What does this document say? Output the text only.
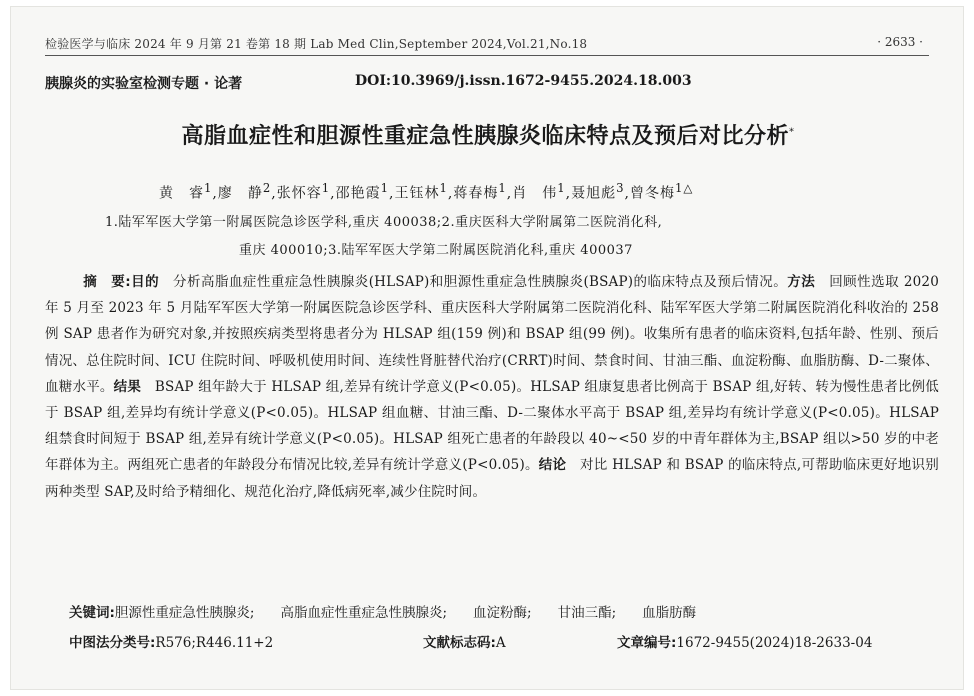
检验医学与临床 2024 年 9 月第 21 卷第 18 期 Lab Med Clin,September 2024,Vol.21,No.18	· 2633 ·
胰腺炎的实验室检测专题 · 论著	DOI:10.3969/j.issn.1672-9455.2024.18.003
高脂血症性和胆源性重症急性胰腺炎临床特点及预后对比分析*
黄　睿$^1$,廖　静$^2$,张怀容$^1$,邵艳霞$^1$,王钰林$^1$,蒋春梅$^1$,肖　伟$^1$,聂旭彪$^3$,曾冬梅$^{1\triangle}$
1.陆军军医大学第一附属医院急诊医学科,重庆 400038;2.重庆医科大学附属第二医院消化科,
重庆 400010;3.陆军军医大学第二附属医院消化科,重庆 400037
摘　要:目的　 分析高脂血症性重症急性胰腺炎(HLSAP)和胆源性重症急性胰腺炎(BSAP)的临床特点及预后情况。方法　 回顾性选取 2020 年 5 月至 2023 年 5 月陆军军医大学第一附属医院急诊医学科、重庆医科大学附属第二医院消化科、陆军军医大学第二附属医院消化科收治的 258 例 SAP 患者作为研究对象,并按照疾病类型将患者分为 HLSAP 组(159 例)和 BSAP 组(99 例)。收集所有患者的临床资料,包括年龄、性别、预后情况、总住院时间、ICU 住院时间、呼吸机使用时间、连续性肾脏替代治疗(CRRT)时间、禁食时间、甘油三酯、血淀粉酶、血脂肪酶、D-二聚体、血糖水平。结果　 BSAP 组年龄大于 HLSAP 组,差异有统计学意义(P<0.05)。HLSAP 组康复患者比例高于 BSAP 组,好转、转为慢性患者比例低于 BSAP 组,差异均有统计学意义(P<0.05)。HLSAP 组血糖、甘油三酯、D-二聚体水平高于 BSAP 组,差异均有统计学意义(P<0.05)。HLSAP 组禁食时间短于 BSAP 组,差异有统计学意义(P<0.05)。HLSAP 组死亡患者的年龄段以 40~<50 岁的中青年群体为主,BSAP 组以>50 岁的中老年群体为主。两组死亡患者的年龄段分布情况比较,差异有统计学意义(P<0.05)。结论　 对比 HLSAP 和 BSAP 的临床特点,可帮助临床更好地识别两种类型 SAP,及时给予精细化、规范化治疗,降低病死率,减少住院时间。
关键词:胆源性重症急性胰腺炎; 高脂血症性重症急性胰腺炎; 血淀粉酶; 甘油三酯; 血脂肪酶
中图法分类号:R576;R446.11+2	文献标志码:A	文章编号:1672-9455(2024)18-2633-04
